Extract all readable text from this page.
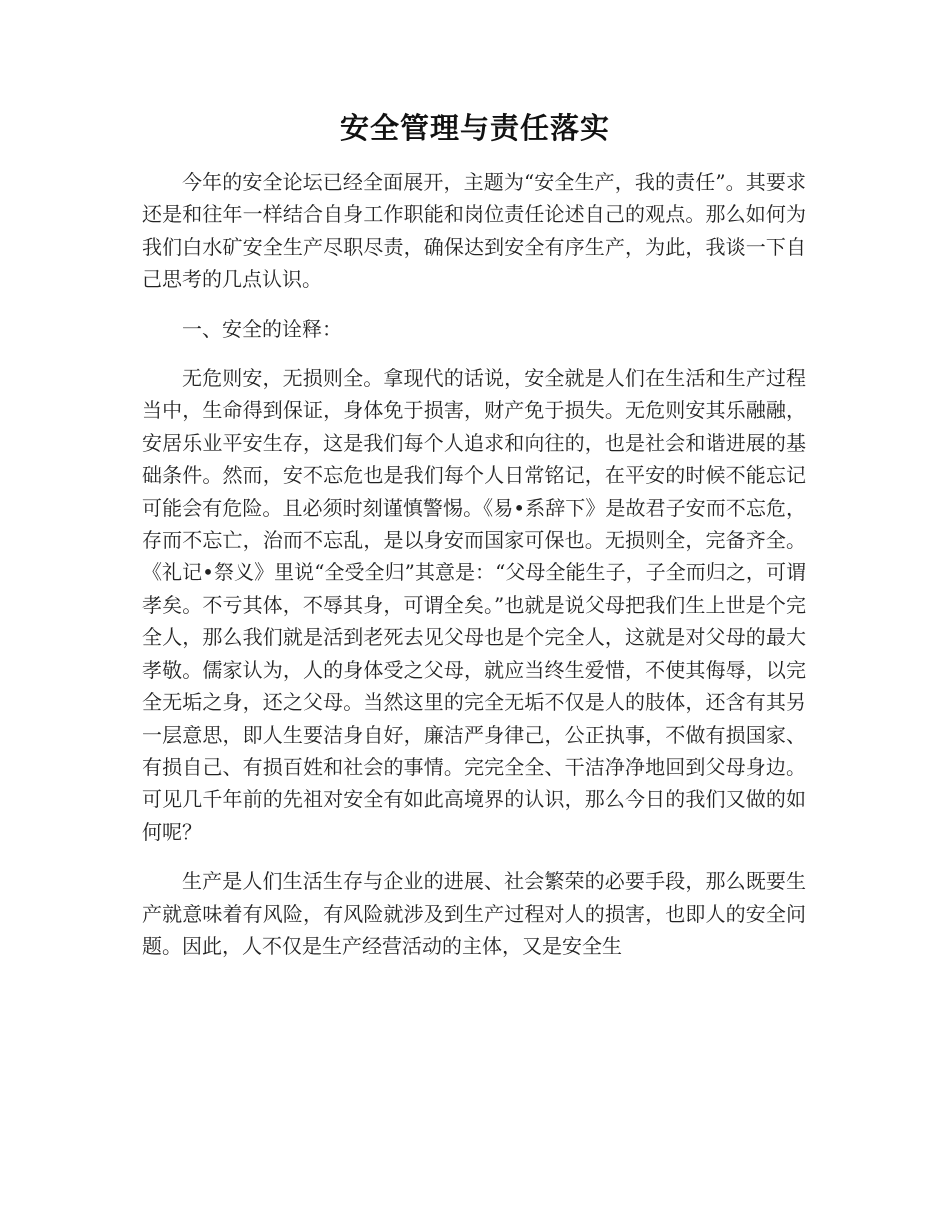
安全管理与责任落实

今年的安全论坛已经全面展开，主题为“安全生产，我的责任”。其要求还是和往年一样结合自身工作职能和岗位责任论述自己的观点。那么如何为我们白水矿安全生产尽职尽责，确保达到安全有序生产，为此，我谈一下自己思考的几点认识。

一、安全的诠释：

无危则安，无损则全。拿现代的话说，安全就是人们在生活和生产过程当中，生命得到保证，身体免于损害，财产免于损失。无危则安其乐融融，安居乐业平安生存，这是我们每个人追求和向往的，也是社会和谐进展的基础条件。然而，安不忘危也是我们每个人日常铭记，在平安的时候不能忘记可能会有危险。且必须时刻谨慎警惕。《易•系辞下》是故君子安而不忘危，存而不忘亡，治而不忘乱，是以身安而国家可保也。无损则全，完备齐全。《礼记•祭义》里说“全受全归”其意是：“父母全能生子，子全而归之，可谓孝矣。不亏其体，不辱其身，可谓全矣。”也就是说父母把我们生上世是个完全人，那么我们就是活到老死去见父母也是个完全人，这就是对父母的最大孝敬。儒家认为，人的身体受之父母，就应当终生爱惜，不使其侮辱，以完全无垢之身，还之父母。当然这里的完全无垢不仅是人的肢体，还含有其另一层意思，即人生要洁身自好，廉洁严身律己，公正执事，不做有损国家、有损自己、有损百姓和社会的事情。完完全全、干洁净净地回到父母身边。可见几千年前的先祖对安全有如此高境界的认识，那么今日的我们又做的如何呢？

生产是人们生活生存与企业的进展、社会繁荣的必要手段，那么既要生产就意味着有风险，有风险就涉及到生产过程对人的损害，也即人的安全问题。因此，人不仅是生产经营活动的主体，又是安全生
